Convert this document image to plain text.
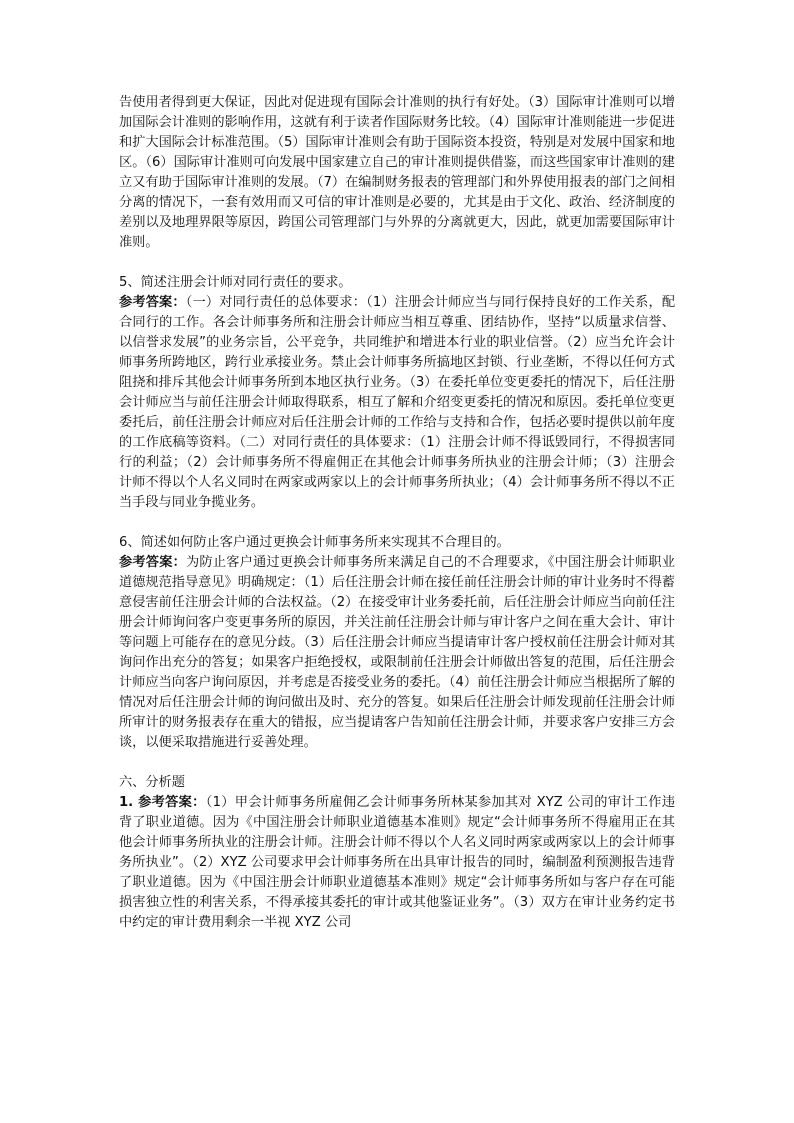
告使用者得到更大保证，因此对促进现有国际会计准则的执行有好处。（3）国际审计准则可以增加国际会计准则的影响作用，这就有利于读者作国际财务比较。（4）国际审计准则能进一步促进和扩大国际会计标准范围。（5）国际审计准则会有助于国际资本投资，特别是对发展中国家和地区。（6）国际审计准则可向发展中国家建立自己的审计准则提供借鉴，而这些国家审计准则的建立又有助于国际审计准则的发展。（7）在编制财务报表的管理部门和外界使用报表的部门之间相分离的情况下，一套有效用而又可信的审计准则是必要的，尤其是由于文化、政治、经济制度的差别以及地理界限等原因，跨国公司管理部门与外界的分离就更大，因此，就更加需要国际审计准则。

5、简述注册会计师对同行责任的要求。

参考答案：（一）对同行责任的总体要求：（1）注册会计师应当与同行保持良好的工作关系，配合同行的工作。各会计师事务所和注册会计师应当相互尊重、团结协作，坚持“以质量求信誉、以信誉求发展”的业务宗旨，公平竞争，共同维护和增进本行业的职业信誉。（2）应当允许会计师事务所跨地区，跨行业承接业务。禁止会计师事务所搞地区封锁、行业垄断，不得以任何方式阻挠和排斥其他会计师事务所到本地区执行业务。（3）在委托单位变更委托的情况下，后任注册会计师应当与前任注册会计师取得联系，相互了解和介绍变更委托的情况和原因。委托单位变更委托后，前任注册会计师应对后任注册会计师的工作给与支持和合作，包括必要时提供以前年度的工作底稿等资料。（二）对同行责任的具体要求：（1）注册会计师不得诋毁同行，不得损害同行的利益；（2）会计师事务所不得雇佣正在其他会计师事务所执业的注册会计师；（3）注册会计师不得以个人名义同时在两家或两家以上的会计师事务所执业；（4）会计师事务所不得以不正当手段与同业争揽业务。

6、简述如何防止客户通过更换会计师事务所来实现其不合理目的。

参考答案：为防止客户通过更换会计师事务所来满足自己的不合理要求，《中国注册会计师职业道德规范指导意见》明确规定：（1）后任注册会计师在接任前任注册会计师的审计业务时不得蓄意侵害前任注册会计师的合法权益。（2）在接受审计业务委托前，后任注册会计师应当向前任注册会计师询问客户变更事务所的原因，并关注前任注册会计师与审计客户之间在重大会计、审计等问题上可能存在的意见分歧。（3）后任注册会计师应当提请审计客户授权前任注册会计师对其询问作出充分的答复；如果客户拒绝授权，或限制前任注册会计师做出答复的范围，后任注册会计师应当向客户询问原因，并考虑是否接受业务的委托。（4）前任注册会计师应当根据所了解的情况对后任注册会计师的询问做出及时、充分的答复。如果后任注册会计师发现前任注册会计师所审计的财务报表存在重大的错报，应当提请客户告知前任注册会计师，并要求客户安排三方会谈，以便采取措施进行妥善处理。

六、分析题

1. 参考答案：（1）甲会计师事务所雇佣乙会计师事务所林某参加其对 XYZ 公司的审计工作违背了职业道德。因为《中国注册会计师职业道德基本准则》规定“会计师事务所不得雇用正在其他会计师事务所执业的注册会计师。注册会计师不得以个人名义同时两家或两家以上的会计师事务所执业”。（2）XYZ 公司要求甲会计师事务所在出具审计报告的同时，编制盈利预测报告违背了职业道德。因为《中国注册会计师职业道德基本准则》规定“会计师事务所如与客户存在可能损害独立性的利害关系，不得承接其委托的审计或其他鉴证业务”。（3）双方在审计业务约定书中约定的审计费用剩余一半视 XYZ 公司
